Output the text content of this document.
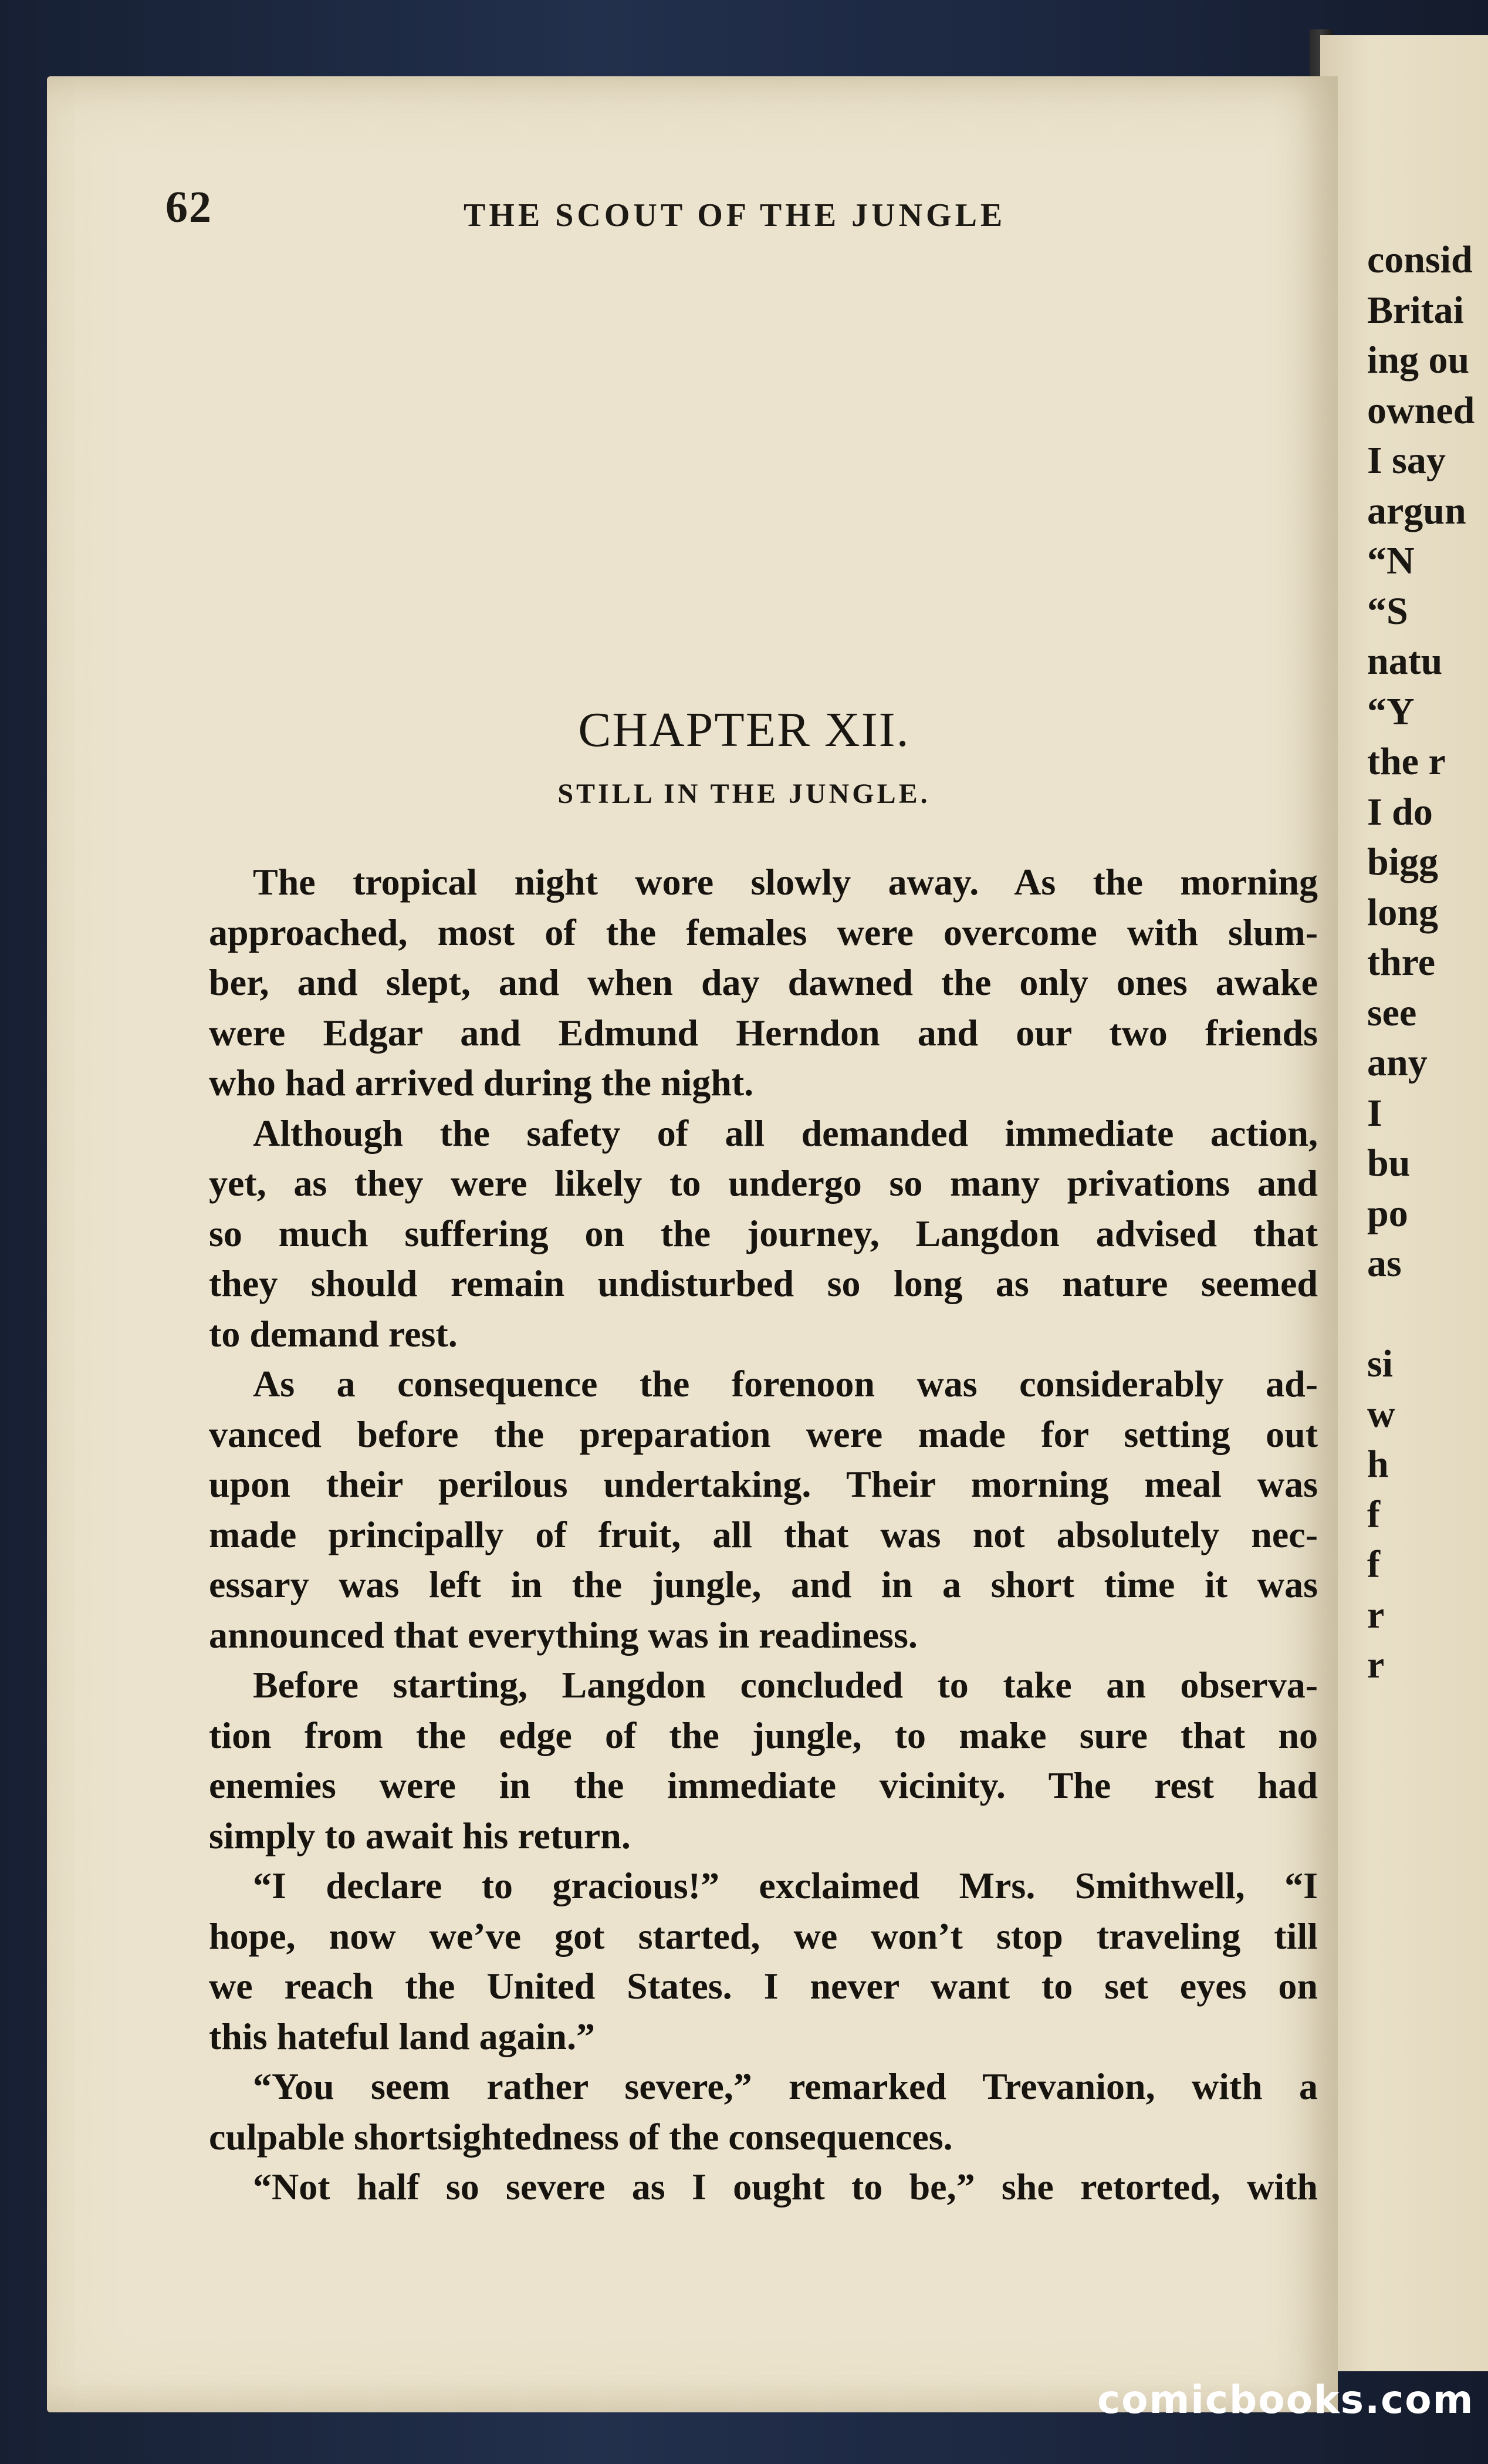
consid
Britai
ing ou
owned
I say
argun
“N
“S
natu
“Y
the r
I do
bigg
long
thre
see
any
I
bu
po
as
si
w
h
f
f
r
r

62	THE SCOUT OF THE JUNGLE

CHAPTER XII.
STILL IN THE JUNGLE.
The tropical night wore slowly away. As the morning
approached, most of the females were overcome with slum-
ber, and slept, and when day dawned the only ones awake
were Edgar and Edmund Herndon and our two friends
who had arrived during the night.
Although the safety of all demanded immediate action,
yet, as they were likely to undergo so many privations and
so much suffering on the journey, Langdon advised that
they should remain undisturbed so long as nature seemed
to demand rest.
As a consequence the forenoon was considerably ad-
vanced before the preparation were made for setting out
upon their perilous undertaking. Their morning meal was
made principally of fruit, all that was not absolutely nec-
essary was left in the jungle, and in a short time it was
announced that everything was in readiness.
Before starting, Langdon concluded to take an observa-
tion from the edge of the jungle, to make sure that no
enemies were in the immediate vicinity. The rest had
simply to await his return.
“I declare to gracious!” exclaimed Mrs. Smithwell, “I
hope, now we’ve got started, we won’t stop traveling till
we reach the United States. I never want to set eyes on
this hateful land again.”
“You seem rather severe,” remarked Trevanion, with a
culpable shortsightedness of the consequences.
“Not half so severe as I ought to be,” she retorted, with
comicbooks.com
